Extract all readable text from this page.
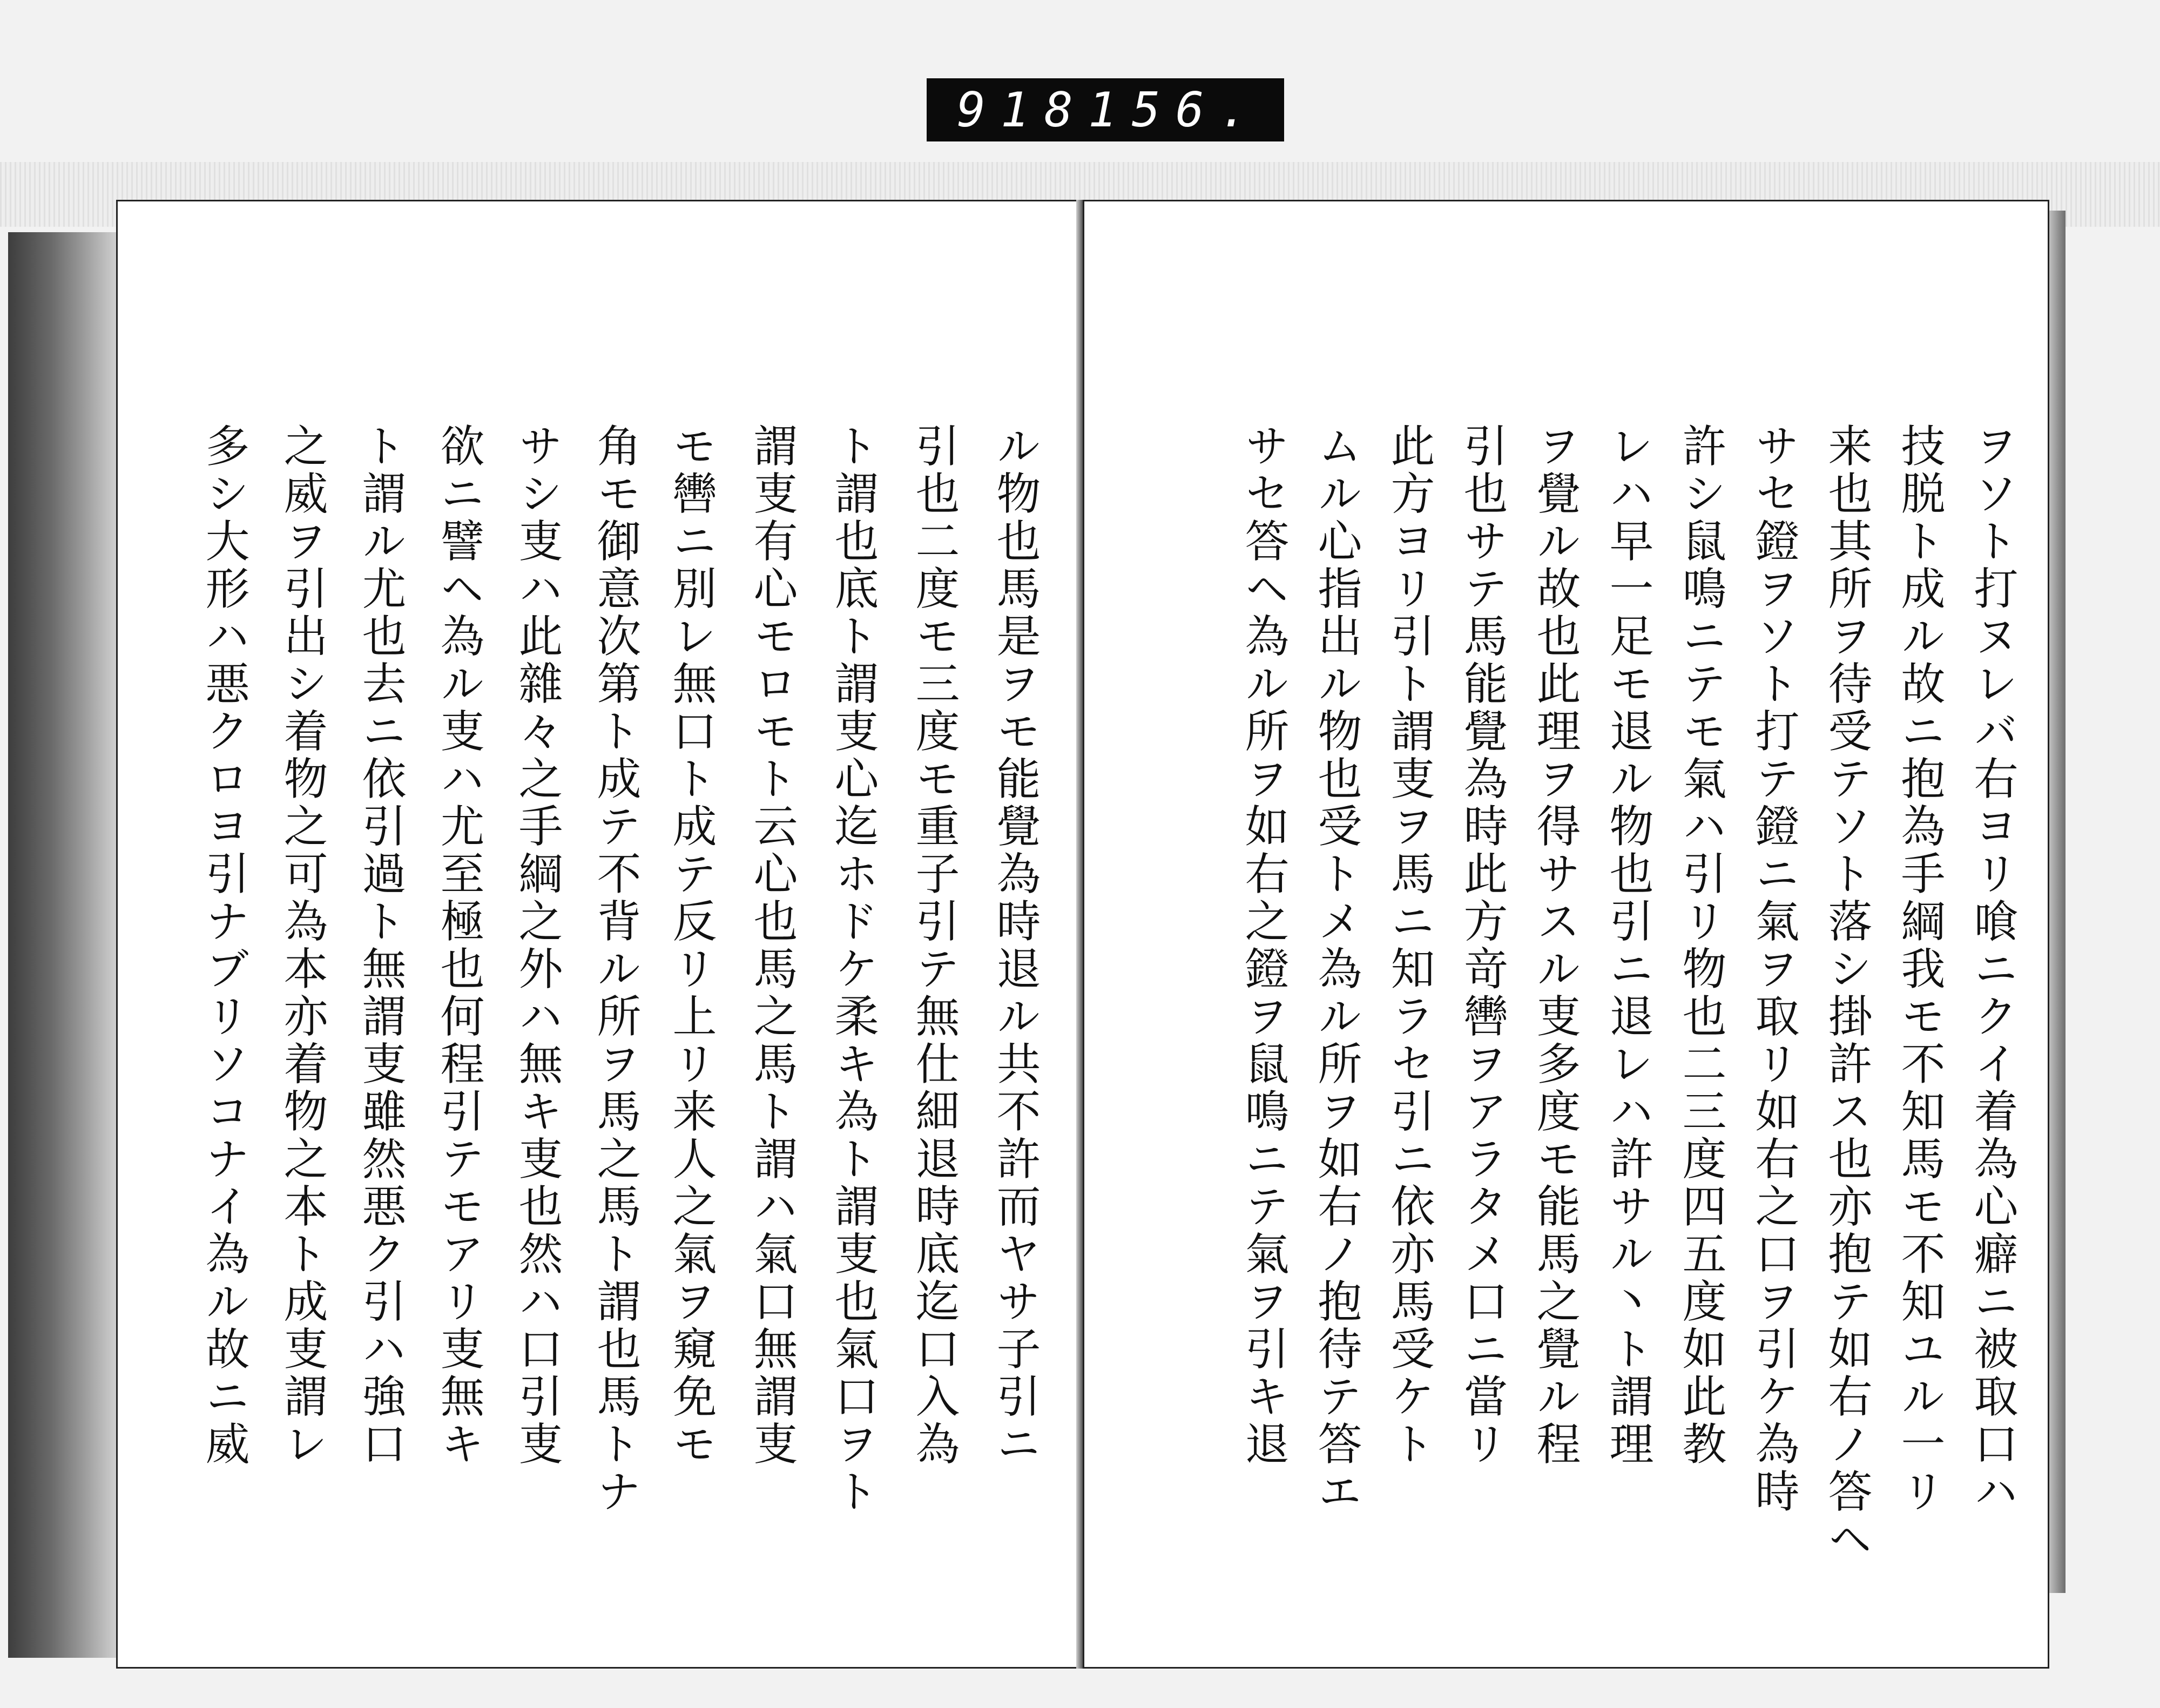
918 156.
ル物也馬是ヲモ能覺為時退ル共不許而ヤサ子引ニ
引也二度モ三度モ重子引テ無仕細退時底迄口入為
ト謂也底ト謂叓心迄ホドケ柔キ為ト謂叓也氣口ヲト
謂叓有心モロモト云心也馬之馬ト謂ハ氣口無謂叓
モ轡ニ別レ無口ト成テ反リ上リ来人之氣ヲ窺免モ
角モ御意次第ト成テ不背ル所ヲ馬之馬ト謂也馬トナ
サシ叓ハ此雜々之手綱之外ハ無キ叓也然ハ口引叓
欲ニ譬ヘ為ル叓ハ尤至極也何程引テモアリ叓無キ
ト謂ル尤也去ニ依引過ト無謂叓雖然悪ク引ハ強口
之威ヲ引出シ着物之可為本亦着物之本ト成叓謂レ
多シ大形ハ悪クロヨ引ナブリソコナイ為ル故ニ威	ヲソト打ヌレバ右ヨリ喰ニクイ着為心癖ニ被取口ハ
技脱ト成ル故ニ抱為手綱我モ不知馬モ不知ユル一リ
来也其所ヲ待受テソト落シ掛許ス也亦抱テ如右ノ答ヘ
サセ鐙ヲソト打テ鐙ニ氣ヲ取リ如右之口ヲ引ケ為時
許シ鼠鳴ニテモ氣ハ引リ物也二三度四五度如此教
レハ早一足モ退ル物也引ニ退レハ許サル丶ト謂理
ヲ覺ル故也此理ヲ得サスル叓多度モ能馬之覺ル程
引也サテ馬能覺為時此方竒轡ヲアラタメ口ニ當リ
此方ヨリ引ト謂叓ヲ馬ニ知ラセ引ニ依亦馬受ケト
ムル心指出ル物也受トメ為ル所ヲ如右ノ抱待テ答エ
サセ答ヘ為ル所ヲ如右之鐙ヲ鼠鳴ニテ氣ヲ引キ退
